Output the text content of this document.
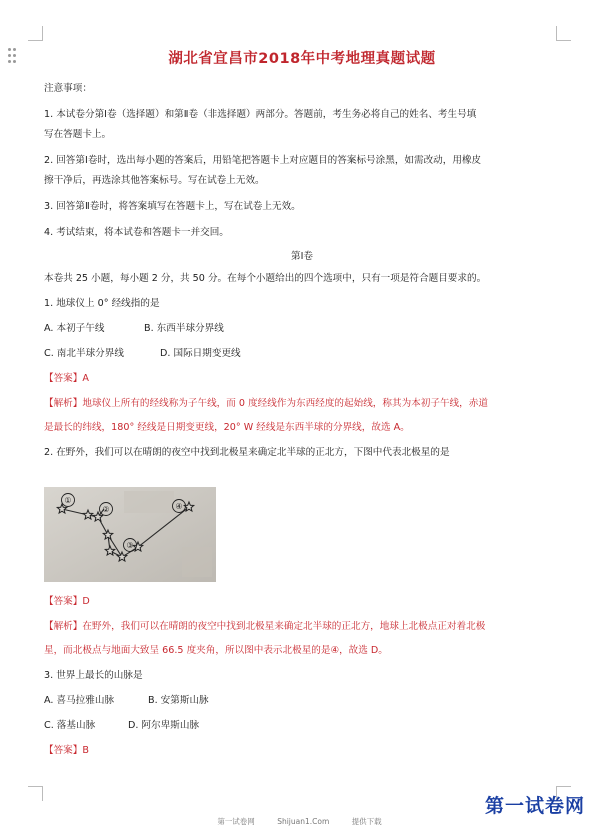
湖北省宜昌市2018年中考地理真题试题
注意事项：
1. 本试卷分第Ⅰ卷（选择题）和第Ⅱ卷（非选择题）两部分。答题前，考生务必将自己的姓名、考生号填
写在答题卡上。
2. 回答第Ⅰ卷时，选出每小题的答案后，用铅笔把答题卡上对应题目的答案标号涂黑，如需改动，用橡皮
擦干净后，再选涂其他答案标号。写在试卷上无效。
3. 回答第Ⅱ卷时，将答案填写在答题卡上，写在试卷上无效。
4. 考试结束，将本试卷和答题卡一并交回。
第Ⅰ卷
本卷共 25 小题，每小题 2 分，共 50 分。在每个小题给出的四个选项中，只有一项是符合题目要求的。
1. 地球仪上 0° 经线指的是
A. 本初子午线	B. 东西半球分界线
C. 南北半球分界线	D. 国际日期变更线
【答案】A
【解析】地球仪上所有的经线称为子午线，而 0 度经线作为东西经度的起始线，称其为本初子午线，赤道
是最长的纬线，180° 经线是日期变更线，20° W 经线是东西半球的分界线，故选 A。
2. 在野外，我们可以在晴朗的夜空中找到北极星来确定北半球的正北方，下图中代表北极星的是
【答案】D
【解析】在野外，我们可以在晴朗的夜空中找到北极星来确定北半球的正北方，地球上北极点正对着北极
星，而北极点与地面大致呈 66.5 度夹角，所以图中表示北极星的是④，故选 D。
3. 世界上最长的山脉是
A. 喜马拉雅山脉	B. 安第斯山脉
C. 落基山脉	D. 阿尔卑斯山脉
【答案】B
①
②
③
④
第一试卷网	Shijuan1.Com	提供下载
第一试卷网
